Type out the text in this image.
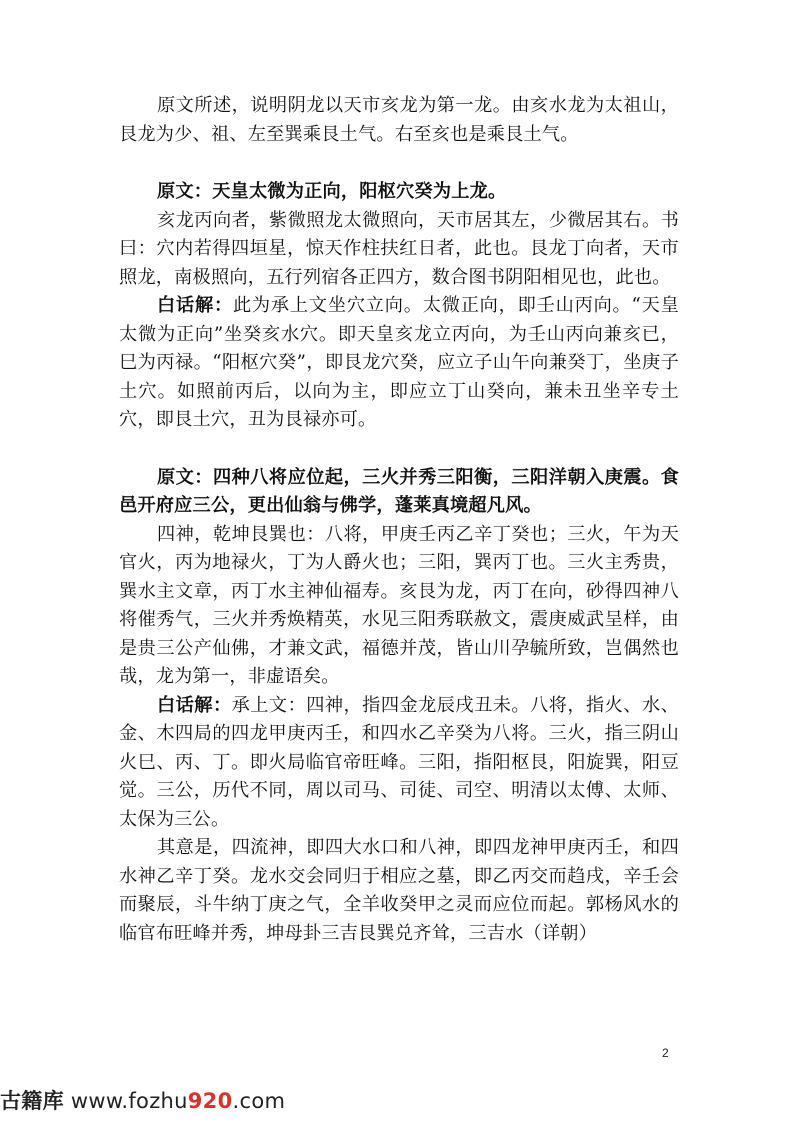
原文所述，说明阴龙以天市亥龙为第一龙。由亥水龙为太祖山，艮龙为少、祖、左至巽乘艮土气。右至亥也是乘艮土气。

原文：天皇太微为正向，阳枢穴癸为上龙。

亥龙丙向者，紫微照龙太微照向，天市居其左，少微居其右。书曰：穴内若得四垣星，惊天作柱扶红日者，此也。艮龙丁向者，天市照龙，南极照向，五行列宿各正四方，数合图书阴阳相见也，此也。

白话解：此为承上文坐穴立向。太微正向，即壬山丙向。“天皇太微为正向”坐癸亥水穴。即天皇亥龙立丙向，为壬山丙向兼亥已，巳为丙禄。“阳枢穴癸”，即艮龙穴癸，应立子山午向兼癸丁，坐庚子土穴。如照前丙后，以向为主，即应立丁山癸向，兼未丑坐辛专土穴，即艮土穴，丑为艮禄亦可。

原文：四种八将应位起，三火并秀三阳衡，三阳洋朝入庚震。食邑开府应三公，更出仙翁与佛学，蓬莱真境超凡风。

四神，乾坤艮巽也：八将，甲庚壬丙乙辛丁癸也；三火，午为天官火，丙为地禄火，丁为人爵火也；三阳，巽丙丁也。三火主秀贵，巽水主文章，丙丁水主神仙福寿。亥艮为龙，丙丁在向，砂得四神八将催秀气，三火并秀焕精英，水见三阳秀联赦文，震庚威武呈样，由是贵三公产仙佛，才兼文武，福德并茂，皆山川孕毓所致，岂偶然也哉，龙为第一，非虚语矣。

白话解：承上文：四神，指四金龙辰戌丑未。八将，指火、水、金、木四局的四龙甲庚丙壬，和四水乙辛癸为八将。三火，指三阴山火巳、丙、丁。即火局临官帝旺峰。三阳，指阳枢艮，阳旋巽，阳豆觉。三公，历代不同，周以司马、司徒、司空、明清以太傅、太师、太保为三公。

其意是，四流神，即四大水口和八神，即四龙神甲庚丙壬，和四水神乙辛丁癸。龙水交会同归于相应之墓，即乙丙交而趋戌，辛壬会而聚辰，斗牛纳丁庚之气，全羊收癸甲之灵而应位而起。郭杨风水的临官布旺峰并秀，坤母卦三吉艮巽兑齐耸，三吉水（详朝）

2
古籍库 www.fozhu920.com
